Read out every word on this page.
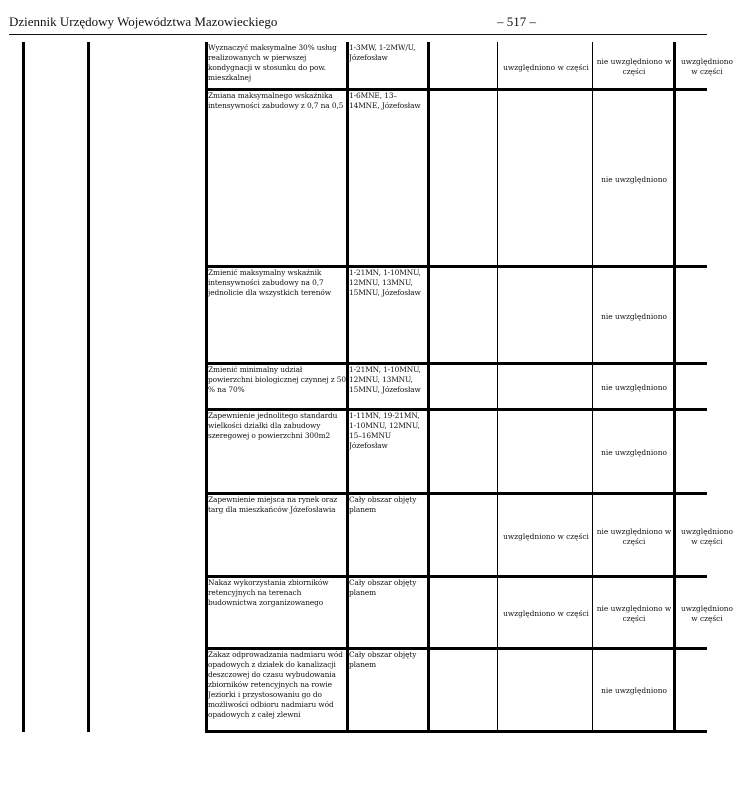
Dziennik Urzędowy Województwa Mazowieckiego	– 517 –
Wyznaczyć maksymalne 30% usług realizowanych w pierwszej kondygnacji w stosunku do pow. mieszkalnej
1-3MW, 1-2MW/U, Józefosław
uwzględniono w części
nie uwzględniono w części
uwzględniono w części
Zmiana maksymalnego wskaźnika intensywności zabudowy z 0,7 na 0,5
1-6MNE, 13–14MNE, Józefosław
nie uwzględniono
Zmienić maksymalny wskaźnik intensywności zabudowy na 0,7 jednolicie dla wszystkich terenów
1-21MN, 1-10MNU, 12MNU, 13MNU, 15MNU, Józefosław
nie uwzględniono
Zmienić minimalny udział powierzchni biologicznej czynnej z 50 % na 70%
1-21MN, 1-10MNU, 12MNU, 13MNU, 15MNU, Józefosław	nie uwzględniono
Zapewnienie jednolitego standardu wielkości działki dla zabudowy szeregowej o powierzchni 300m2
1-11MN, 19-21MN, 1-10MNU, 12MNU, 15–16MNU Józefosław
nie uwzględniono
Zapewnienie miejsca na rynek oraz targ dla mieszkańców Józefosławia
Cały obszar objęty planem
uwzględniono w części
nie uwzględniono w części
uwzględniono w części
Nakaz wykorzystania zbiorników retencyjnych na terenach budownictwa zorganizowanego
Cały obszar objęty planem
uwzględniono w części
nie uwzględniono w części
uwzględniono w części
Zakaz odprowadzania nadmiaru wód opadowych z działek do kanalizacji deszczowej do czasu wybudowania zbiorników retencyjnych na rowie Jeziorki i przystosowaniu go do możliwości odbioru nadmiaru wód opadowych z całej zlewni
Cały obszar objęty planem
nie uwzględniono
